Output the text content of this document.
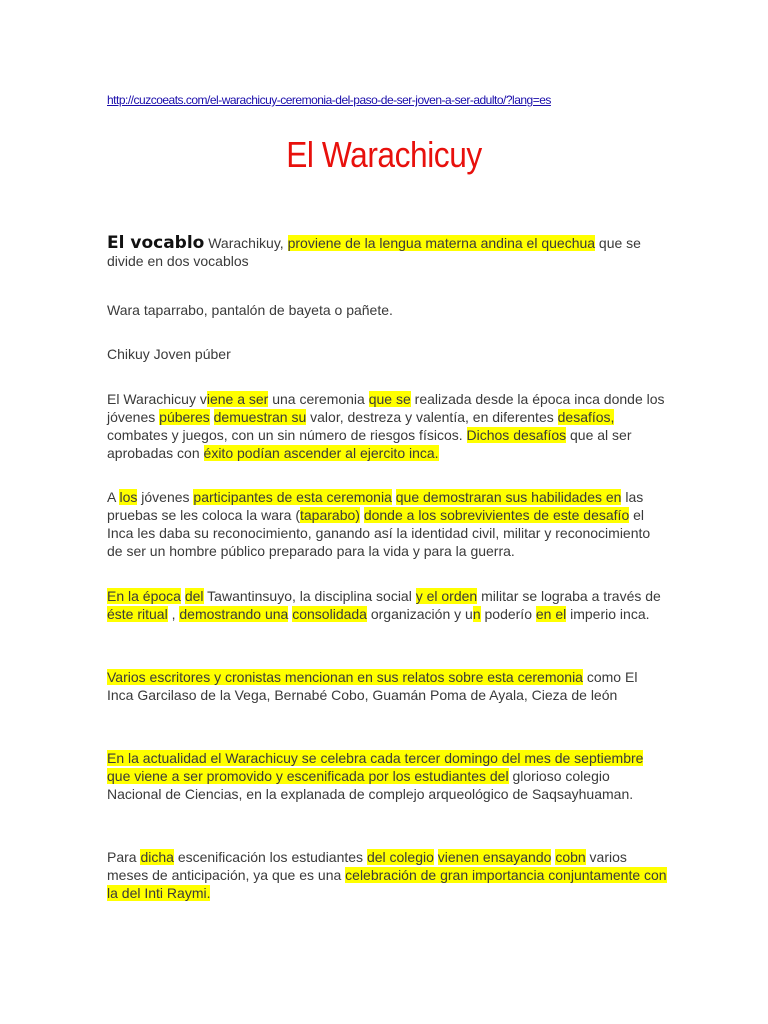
http://cuzcoeats.com/el-warachicuy-ceremonia-del-paso-de-ser-joven-a-ser-adulto/?lang=es
El Warachicuy

El vocablo Warachikuy, proviene de la lengua materna andina el quechua que se divide en dos vocablos

Wara taparrabo, pantalón de bayeta o pañete.

Chikuy Joven púber

El Warachicuy viene a ser una ceremonia que se realizada desde la época inca donde los jóvenes púberes demuestran su valor, destreza y valentía, en diferentes desafíos, combates y juegos, con un sin número de riesgos físicos. Dichos desafíos que al ser aprobadas con éxito podían ascender al ejercito inca.

A los jóvenes participantes de esta ceremonia que demostraran sus habilidades en las pruebas se les coloca la wara (taparabo) donde a los sobrevivientes de este desafío el Inca les daba su reconocimiento, ganando así la identidad civil, militar y reconocimiento de ser un hombre público preparado para la vida y para la guerra.

En la época del Tawantinsuyo, la disciplina social y el orden militar se lograba a través de éste ritual , demostrando una consolidada organización y un poderío en el imperio inca.

Varios escritores y cronistas mencionan en sus relatos sobre esta ceremonia como El Inca Garcilaso de la Vega, Bernabé Cobo, Guamán Poma de Ayala, Cieza de león

En la actualidad el Warachicuy se celebra cada tercer domingo del mes de septiembre que viene a ser promovido y escenificada por los estudiantes del glorioso colegio Nacional de Ciencias, en la explanada de complejo arqueológico de Saqsayhuaman.

Para dicha escenificación los estudiantes del colegio vienen ensayando cobn varios meses de anticipación, ya que es una celebración de gran importancia conjuntamente con la del Inti Raymi.
